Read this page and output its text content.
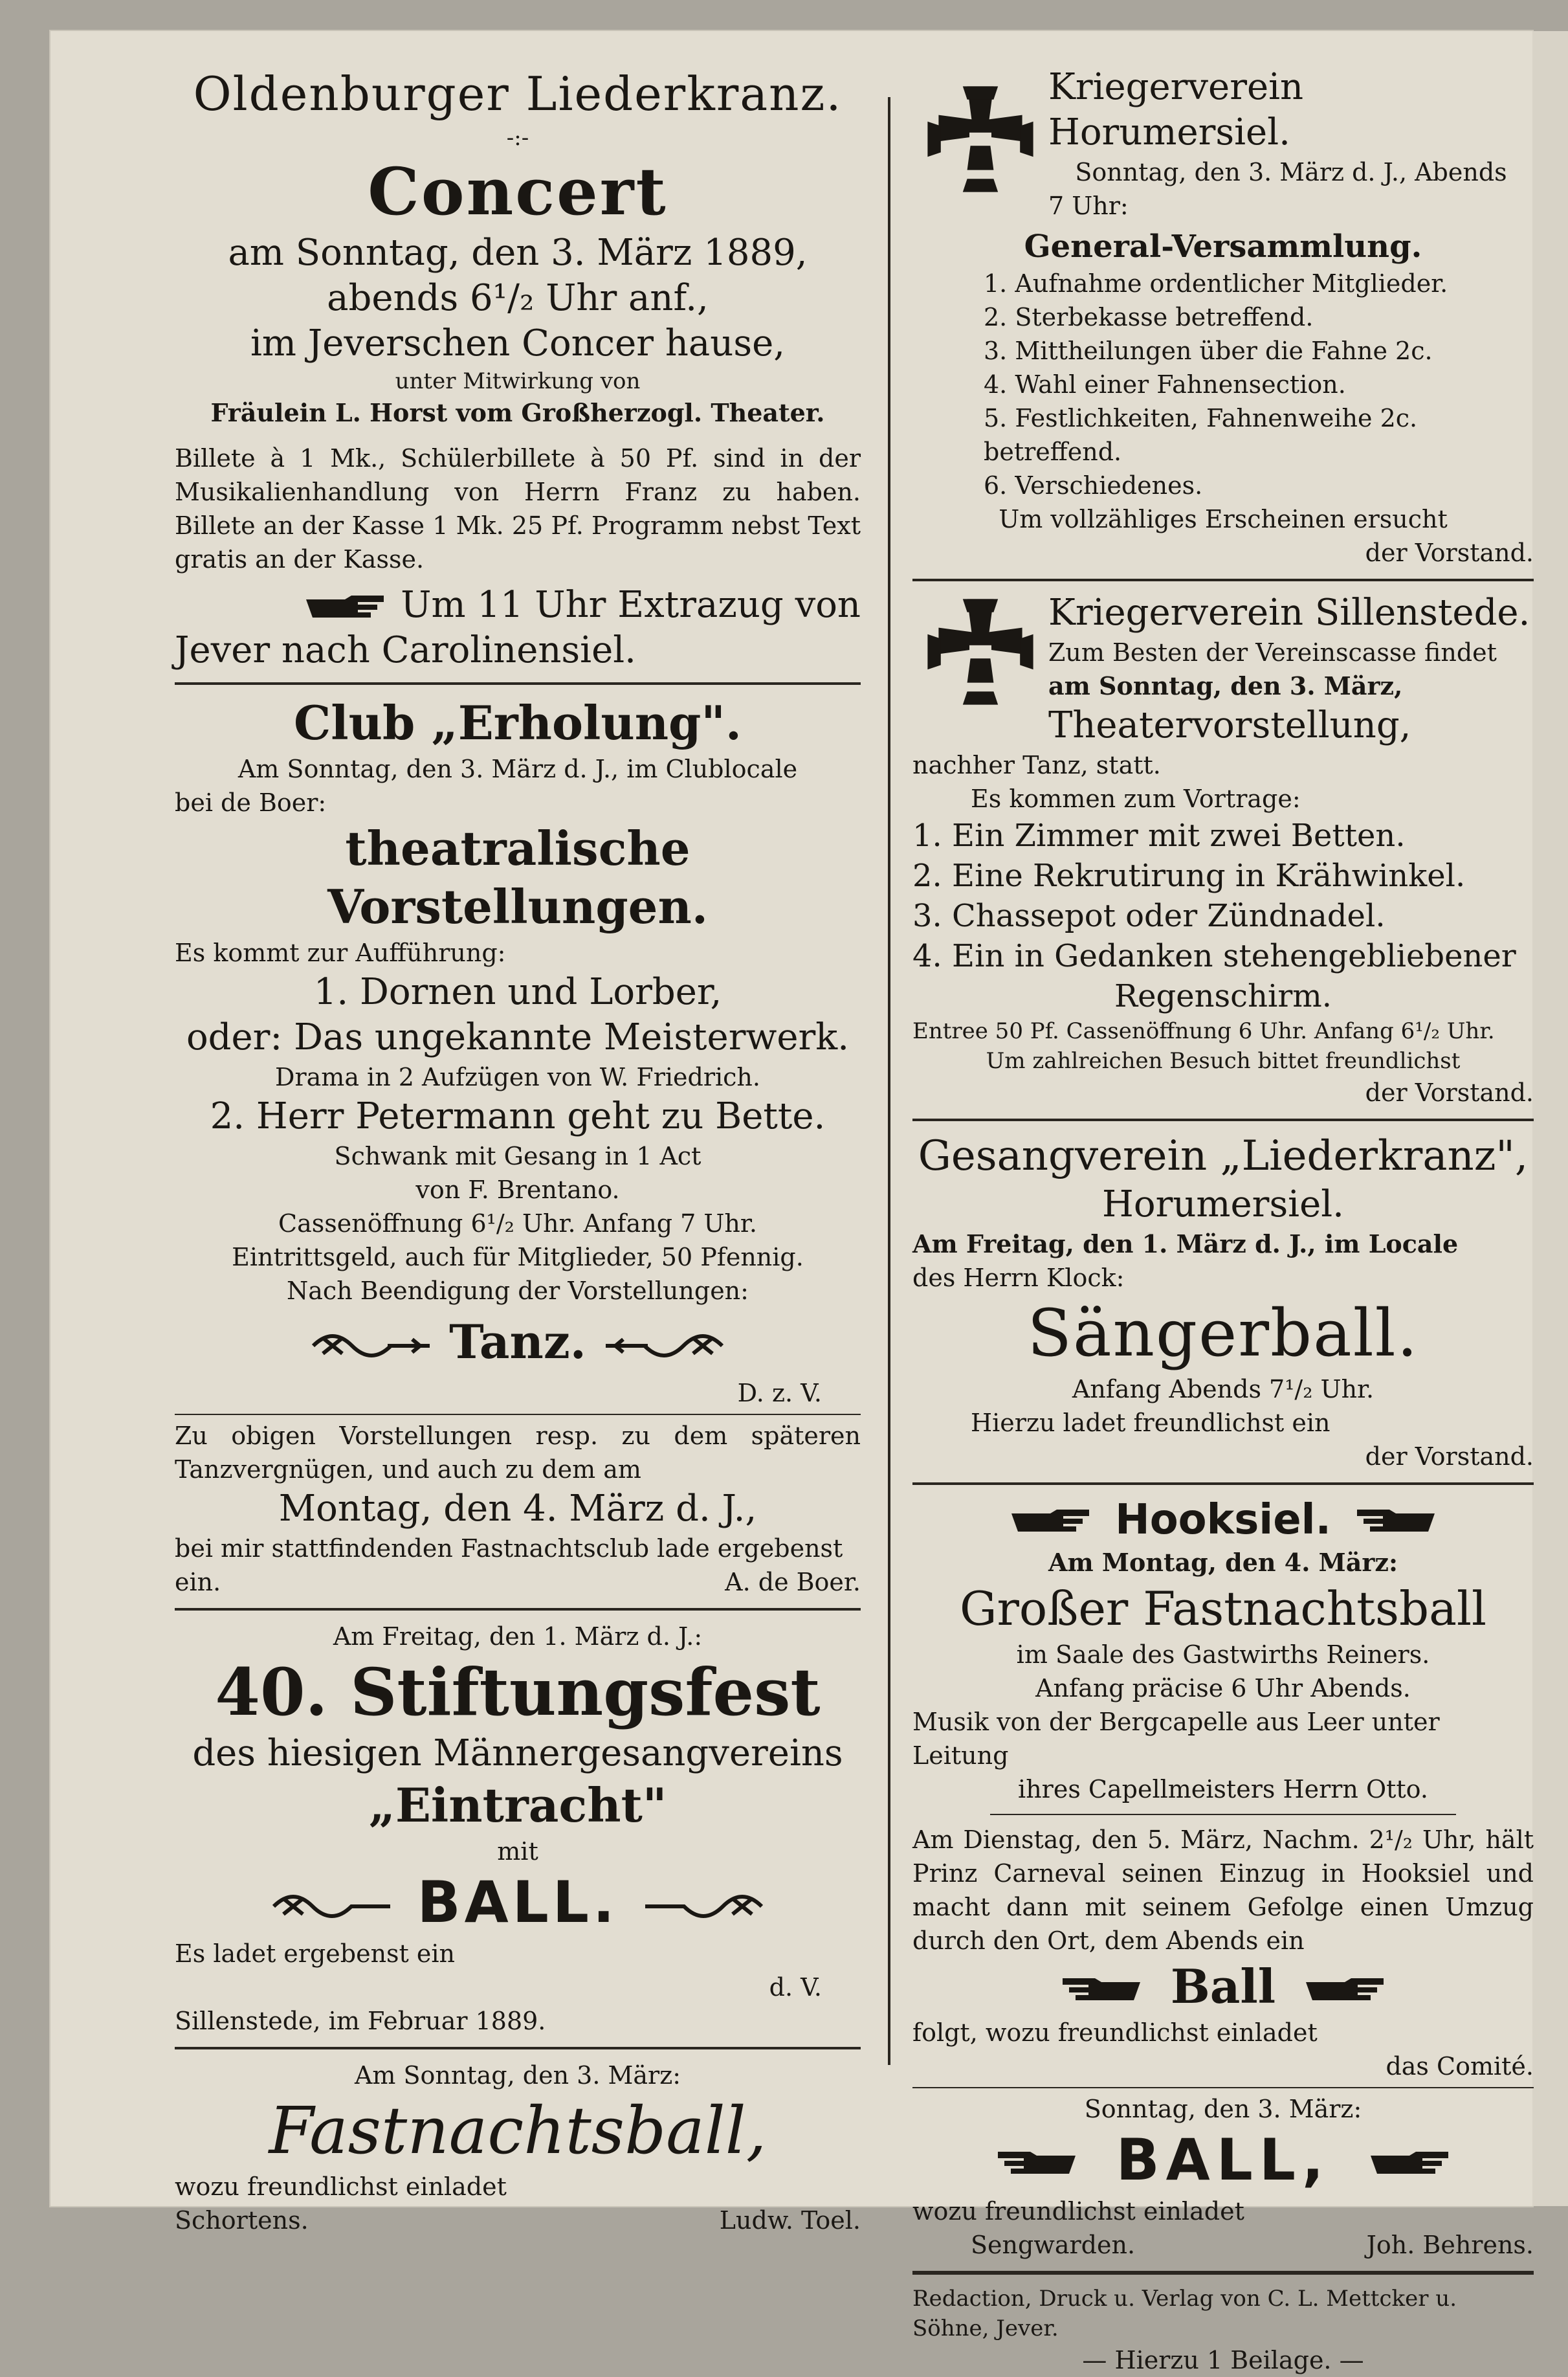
Oldenburger Liederkranz.

-:-

Concert

am Sonntag, den 3. März 1889,

abends 6¹/₂ Uhr anf.,

im Jeverschen Concer hause,

unter Mitwirkung von

Fräulein L. Horst vom Großherzogl. Theater.

Billete à 1 Mk., Schülerbillete à 50 Pf. sind in der Musikalienhandlung von Herrn Franz zu haben. Billete an der Kasse 1 Mk. 25 Pf. Programm nebst Text gratis an der Kasse.

Um 11 Uhr Extrazug von

Jever nach Carolinensiel.

Club „Erholung".

Am Sonntag, den 3. März d. J., im Clublocale

bei de Boer:

theatralische Vorstellungen.

Es kommt zur Aufführung:

1. Dornen und Lorber,

oder: Das ungekannte Meisterwerk.

Drama in 2 Aufzügen von W. Friedrich.

2. Herr Petermann geht zu Bette.

Schwank mit Gesang in 1 Act

von F. Brentano.

Cassenöffnung 6¹/₂ Uhr. Anfang 7 Uhr.

Eintrittsgeld, auch für Mitglieder, 50 Pfennig.

Nach Beendigung der Vorstellungen:

Tanz.

D. z. V.

Zu obigen Vorstellungen resp. zu dem späteren Tanzvergnügen, und auch zu dem am

Montag, den 4. März d. J.,

bei mir stattfindenden Fastnachtsclub lade ergebenst

ein.	A. de Boer.

Am Freitag, den 1. März d. J.:

40. Stiftungsfest

des hiesigen Männergesangvereins

„Eintracht"

mit

BALL.

Es ladet ergebenst ein

d. V.

Sillenstede, im Februar 1889.

Am Sonntag, den 3. März:

Fastnachtsball,

wozu freundlichst einladet

Schortens.	Ludw. Toel.

Kriegerverein Horumersiel.

Sonntag, den 3. März d. J., Abends

7 Uhr:

General-Versammlung.

1. Aufnahme ordentlicher Mitglieder.

2. Sterbekasse betreffend.

3. Mittheilungen über die Fahne 2c.

4. Wahl einer Fahnensection.

5. Festlichkeiten, Fahnenweihe 2c. betreffend.

6. Verschiedenes.

Um vollzähliges Erscheinen ersucht

der Vorstand.

Kriegerverein Sillenstede.

Zum Besten der Vereinscasse findet

am Sonntag, den 3. März,

Theatervorstellung,

nachher Tanz, statt.

Es kommen zum Vortrage:

1. Ein Zimmer mit zwei Betten.

2. Eine Rekrutirung in Krähwinkel.

3. Chassepot oder Zündnadel.

4. Ein in Gedanken stehengebliebener

Regenschirm.

Entree 50 Pf. Cassenöffnung 6 Uhr. Anfang 6¹/₂ Uhr.

Um zahlreichen Besuch bittet freundlichst

der Vorstand.

Gesangverein „Liederkranz",

Horumersiel.

Am Freitag, den 1. März d. J., im Locale

des Herrn Klock:

Sängerball.

Anfang Abends 7¹/₂ Uhr.

Hierzu ladet freundlichst ein

der Vorstand.

Hooksiel.

Am Montag, den 4. März:

Großer Fastnachtsball

im Saale des Gastwirths Reiners.

Anfang präcise 6 Uhr Abends.

Musik von der Bergcapelle aus Leer unter Leitung

ihres Capellmeisters Herrn Otto.

Am Dienstag, den 5. März, Nachm. 2¹/₂ Uhr, hält Prinz Carneval seinen Einzug in Hooksiel und macht dann mit seinem Gefolge einen Umzug durch den Ort, dem Abends ein

Ball

folgt, wozu freundlichst einladet

das Comité.

Sonntag, den 3. März:

BALL,

wozu freundlichst einladet

Sengwarden.	Joh. Behrens.

Redaction, Druck u. Verlag von C. L. Mettcker u. Söhne, Jever.

— Hierzu 1 Beilage. —
